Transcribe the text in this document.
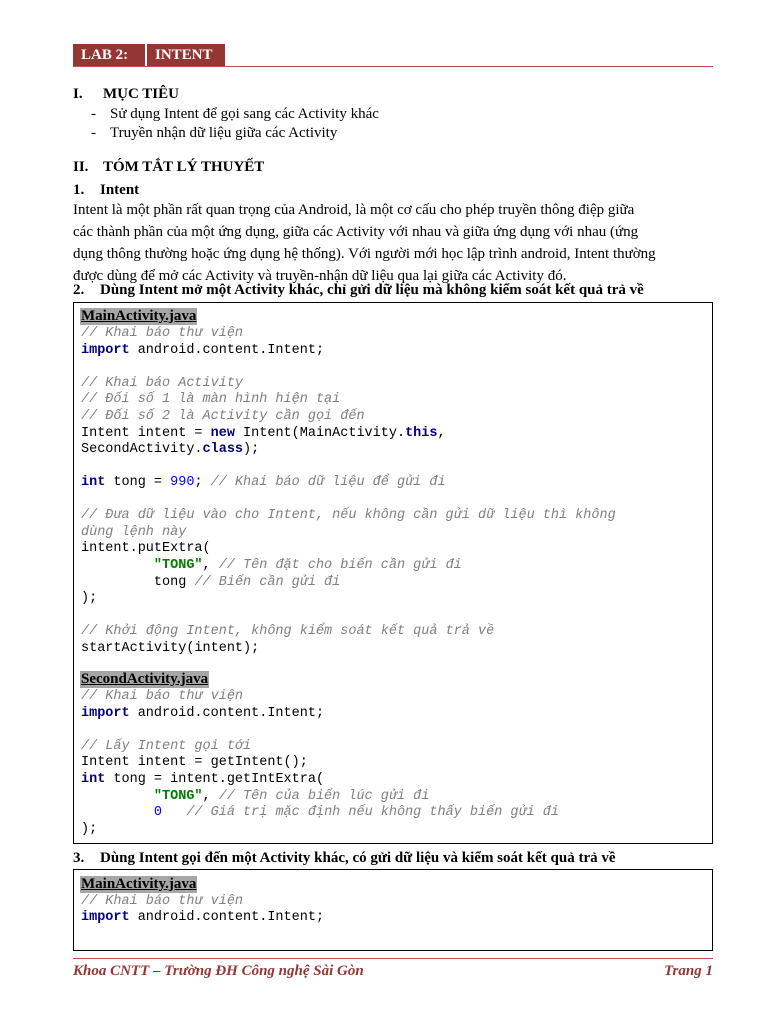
LAB 2:	INTENT
I. MỤC TIÊU
- Sử dụng Intent để gọi sang các Activity khác
- Truyền nhận dữ liệu giữa các Activity
II. TÓM TẮT LÝ THUYẾT
1. Intent
Intent là một phần rất quan trọng của Android, là một cơ cấu cho phép truyền thông điệp giữa
các thành phần của một ứng dụng, giữa các Activity với nhau và giữa ứng dụng với nhau (ứng
dụng thông thường hoặc ứng dụng hệ thống). Với người mới học lập trình android, Intent thường
được dùng để mở các Activity và truyền-nhận dữ liệu qua lại giữa các Activity đó.
2. Dùng Intent mở một Activity khác, chỉ gửi dữ liệu mà không kiểm soát kết quả trả về
MainActivity.java
// Khai báo thư viện
import android.content.Intent;
// Khai báo Activity
// Đối số 1 là màn hình hiện tại
// Đối số 2 là Activity cần gọi đến
Intent intent = new Intent(MainActivity.this,
SecondActivity.class);
int tong = 990; // Khai báo dữ liệu để gửi đi
// Đưa dữ liệu vào cho Intent, nếu không cần gửi dữ liệu thì không
dùng lệnh này
intent.putExtra(
"TONG", // Tên đặt cho biến cần gửi đi
tong // Biến cần gửi đi
);
// Khởi động Intent, không kiểm soát kết quả trả về
startActivity(intent);
SecondActivity.java
// Khai báo thư viện
import android.content.Intent;
// Lấy Intent gọi tới
Intent intent = getIntent();
int tong = intent.getIntExtra(
"TONG", // Tên của biến lúc gửi đi
0 // Giá trị mặc định nếu không thấy biến gửi đi
);
3. Dùng Intent gọi đến một Activity khác, có gửi dữ liệu và kiểm soát kết quả trả về
MainActivity.java
// Khai báo thư viện
import android.content.Intent;
Khoa CNTT – Trường ĐH Công nghệ Sài Gòn	Trang 1
